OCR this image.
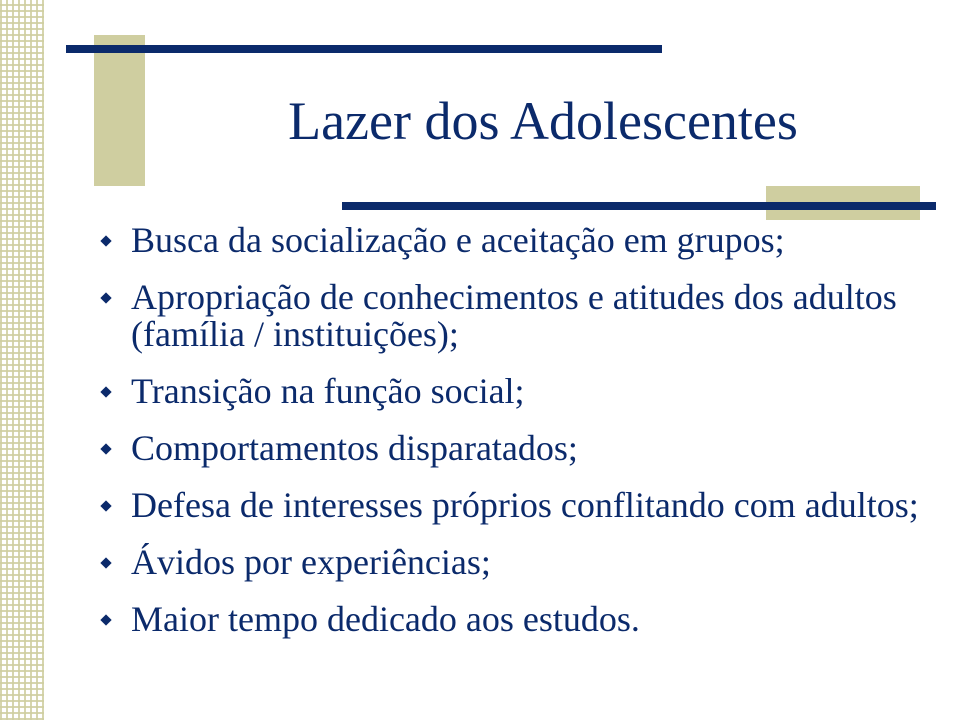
Lazer dos Adolescentes
Busca da socialização e aceitação em grupos;
Apropriação de conhecimentos e atitudes dos adultos (família / instituições);
Transição na função social;
Comportamentos disparatados;
Defesa de interesses próprios conflitando com adultos;
Ávidos por experiências;
Maior tempo dedicado aos estudos.
